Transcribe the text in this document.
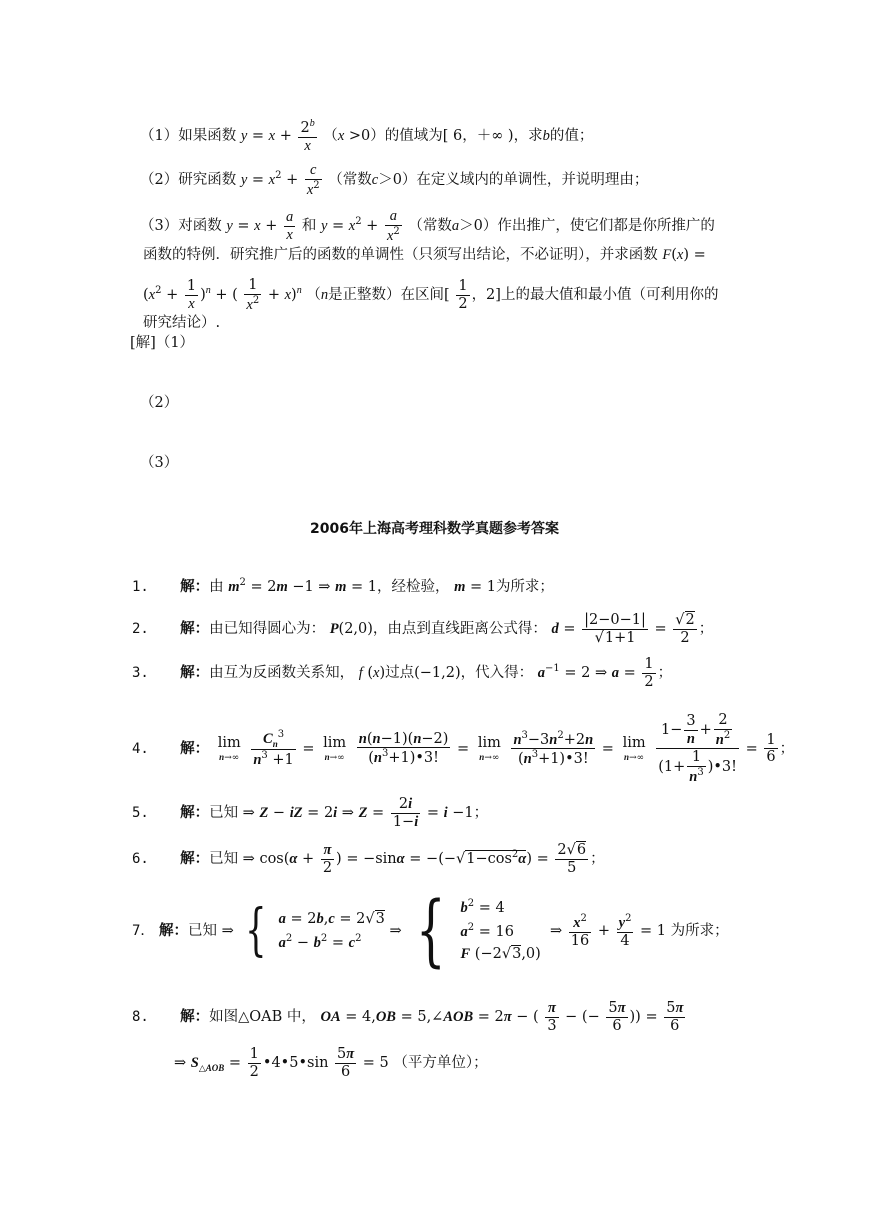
（1）如果函数 $y = x + \frac{2^b}{x} (x >0)$的值域为[ 6，＋∞ )，求b的值；
（2）研究函数 $y = x^2 + \frac{c}{x^2}$ （常数c＞0）在定义域内的单调性，并说明理由；
（3）对函数 $y = x + \frac{a}{x}$ 和 $y = x^2 + \frac{a}{x^2}$ （常数a＞0）作出推广，使它们都是你所推广的
函数的特例．研究推广后的函数的单调性（只须写出结论，不必证明），并求函数 F(x) =
$(x^2 + \frac{1}{x} )^n$ + ( $\frac{1}{x^2} + x)^n$ （n是正整数）在区间[ $\frac{1}{2}$ ，2]上的最大值和最小值（可利用你的
研究结论）.
[解]（1）
（2）
（3）
2006年上海高考理科数学真题参考答案
1. 解：由 $m^2 = 2m -1$ ⇒ m = 1，经检验， m = 1为所求；
2. 解：由已知得圆心为： P(2,0)，由点到直线距离公式得： $d = \frac{|2-0-1|}{√1+1} = \frac{√2}{2}$ ；
3. 解：由互为反函数关系知， f (x)过点(−1,2)，代入得： $a^{-1} = 2$ ⇒ $a = \frac{1}{2}$ ；
4. 解： lim
n→∞
$\frac{C_n^3}{n^3 +1} = \lim$
n→∞
$\frac{n(n-1)(n-2)}{(n^3+1)•3!} = \lim$
n→∞
$\frac{n^3-3n^2+2n}{(n^3+1)•3!} = \lim$
n→∞
$\frac{1- \frac{3}{n} + \frac{2}{n^2}}{(1+ \frac{1}{n^3} )•3!} = \frac{1}{6}$ ；
5. 解：已知 ⇒ Z − iZ = 2i ⇒ $Z = \frac{2i}{1-i} = i -1$；
6. 解：已知 ⇒ $\cos(\alpha + \frac{\pi}{2}$ ) = $-\sin\alpha = -(-√1-\cos^2\alpha) = \frac{2√6}{5}$ ；
7． 解：已知 ⇒ { a = 2b,c = 2√3
$a^2 - b^2 = c^2$	⇒ { $b^2 = 4$
$a^2 = 16$
F (−2√3,0)
⇒ $\frac{x^2}{16} + \frac{y^2}{4} = 1$ 为所求；
8. 解：如图△OAB 中， OA = 4,OB = 5,∠AOB = 2π − ( $\frac{\pi}{3}$ − (− $\frac{5\pi}{6}$ )) = $\frac{5\pi}{6}$
⇒ $S_{\triangle AOB} = \frac{1}{2}$ •4•5•sin $\frac{5\pi}{6} = 5$ （平方单位）；
